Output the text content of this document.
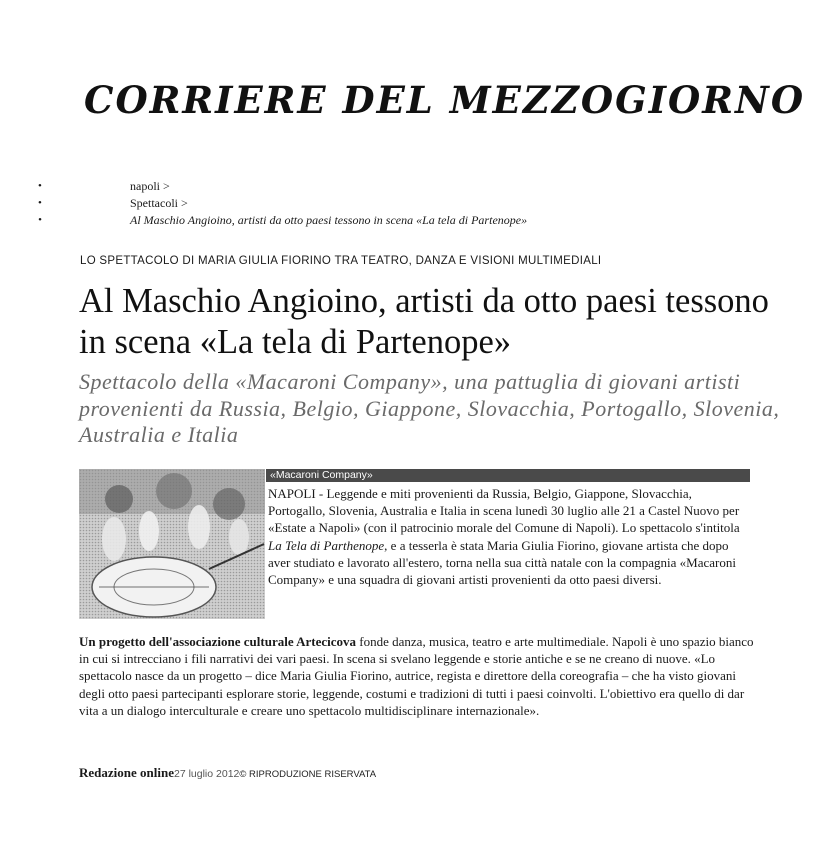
CORRIERE DEL MEZZOGIORNO
•	napoli >
•	Spettacoli >
•	Al Maschio Angioino, artisti da otto paesi tessono in scena «La tela di Partenope»
LO SPETTACOLO DI MARIA GIULIA FIORINO TRA TEATRO, DANZA E VISIONI MULTIMEDIALI
Al Maschio Angioino, artisti da otto paesi tessono in scena «La tela di Partenope»
Spettacolo della «Macaroni Company», una pattuglia di giovani artisti provenienti da Russia, Belgio, Giappone, Slovacchia, Portogallo, Slovenia, Australia e Italia
«Macaroni Company»

NAPOLI - Leggende e miti provenienti da Russia, Belgio, Giappone, Slovacchia, Portogallo, Slovenia, Australia e Italia in scena lunedì 30 luglio alle 21 a Castel Nuovo per «Estate a Napoli» (con il patrocinio morale del Comune di Napoli). Lo spettacolo s'intitola La Tela di Parthenope, e a tesserla è stata Maria Giulia Fiorino, giovane artista che dopo aver studiato e lavorato all'estero, torna nella sua città natale con la compagnia «Macaroni Company» e una squadra di giovani artisti provenienti da otto paesi diversi.

Un progetto dell'associazione culturale Artecicova fonde danza, musica, teatro e arte multimediale. Napoli è uno spazio bianco in cui si intrecciano i fili narrativi dei vari paesi. In scena si svelano leggende e storie antiche e se ne creano di nuove. «Lo spettacolo nasce da un progetto – dice Maria Giulia Fiorino, autrice, regista e direttore della coreografia – che ha visto giovani degli otto paesi partecipanti esplorare storie, leggende, costumi e tradizioni di tutti i paesi coinvolti. L'obiettivo era quello di dar vita a un dialogo interculturale e creare uno spettacolo multidisciplinare internazionale».

Redazione online27 luglio 2012© RIPRODUZIONE RISERVATA
